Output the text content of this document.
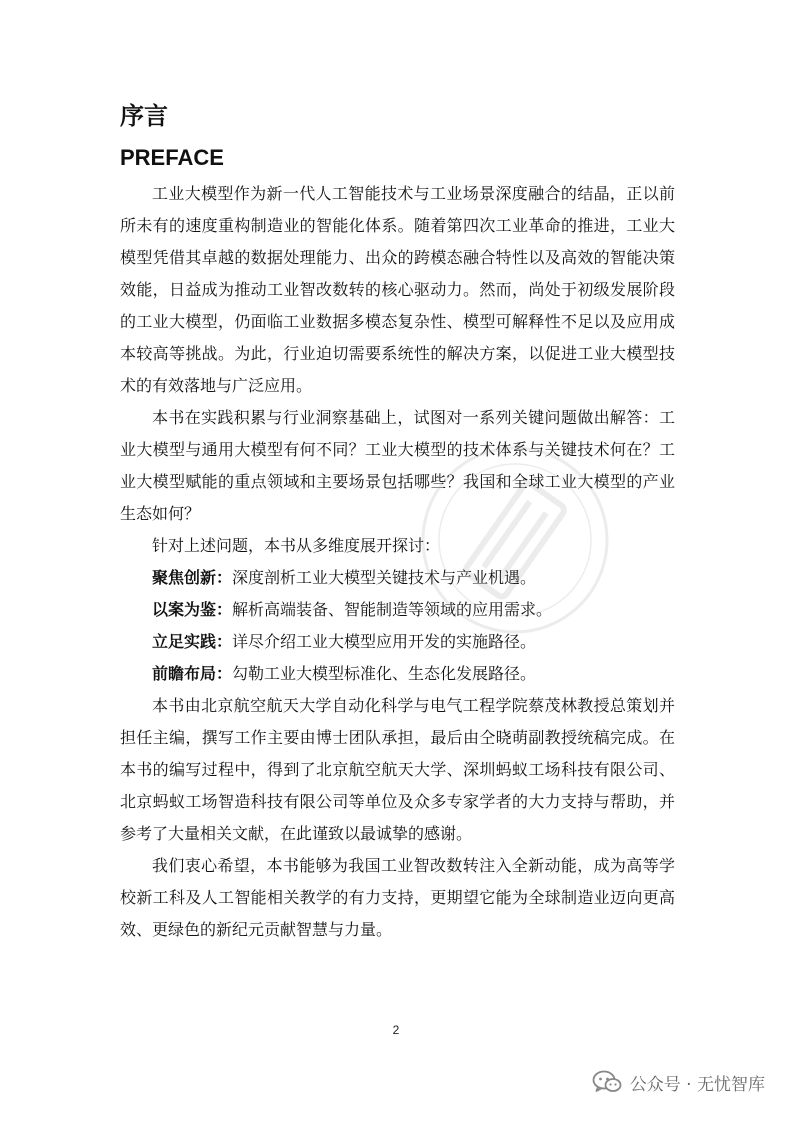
序言
PREFACE

工业大模型作为新一代人工智能技术与工业场景深度融合的结晶，正以前所未有的速度重构制造业的智能化体系。随着第四次工业革命的推进，工业大模型凭借其卓越的数据处理能力、出众的跨模态融合特性以及高效的智能决策效能，日益成为推动工业智改数转的核心驱动力。然而，尚处于初级发展阶段的工业大模型，仍面临工业数据多模态复杂性、模型可解释性不足以及应用成本较高等挑战。为此，行业迫切需要系统性的解决方案，以促进工业大模型技术的有效落地与广泛应用。

本书在实践积累与行业洞察基础上，试图对一系列关键问题做出解答：工业大模型与通用大模型有何不同？工业大模型的技术体系与关键技术何在？工业大模型赋能的重点领域和主要场景包括哪些？我国和全球工业大模型的产业生态如何？

针对上述问题，本书从多维度展开探讨：

聚焦创新：深度剖析工业大模型关键技术与产业机遇。

以案为鉴：解析高端装备、智能制造等领域的应用需求。

立足实践：详尽介绍工业大模型应用开发的实施路径。

前瞻布局：勾勒工业大模型标准化、生态化发展路径。

本书由北京航空航天大学自动化科学与电气工程学院蔡茂林教授总策划并担任主编，撰写工作主要由博士团队承担，最后由仝晓萌副教授统稿完成。在本书的编写过程中，得到了北京航空航天大学、深圳蚂蚁工场科技有限公司、北京蚂蚁工场智造科技有限公司等单位及众多专家学者的大力支持与帮助，并参考了大量相关文献，在此谨致以最诚挚的感谢。

我们衷心希望，本书能够为我国工业智改数转注入全新动能，成为高等学校新工科及人工智能相关教学的有力支持，更期望它能为全球制造业迈向更高效、更绿色的新纪元贡献智慧与力量。

2
公众号 · 无忧智库
